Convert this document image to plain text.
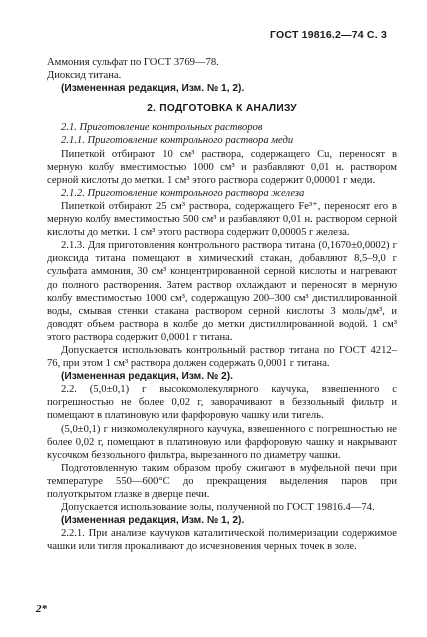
ГОСТ 19816.2—74 С. 3

Аммония сульфат по ГОСТ 3769—78.

Диоксид титана.

(Измененная редакция, Изм. № 1, 2).

2. ПОДГОТОВКА К АНАЛИЗУ

2.1. Приготовление контрольных растворов

2.1.1. Приготовление контрольного раствора меди

Пипеткой отбирают 10 см³ раствора, содержащего Cu, переносят в мерную колбу вместимостью 1000 см³ и разбавляют 0,01 н. раствором серной кислоты до метки. 1 см³ этого раствора содержит 0,00001 г меди.

2.1.2. Приготовление контрольного раствора железа

Пипеткой отбирают 25 см³ раствора, содержащего Fe³⁺, переносят его в мерную колбу вместимостью 500 см³ и разбавляют 0,01 н. раствором серной кислоты до метки. 1 см³ этого раствора содержит 0,00005 г железа.

2.1.3. Для приготовления контрольного раствора титана (0,1670±0,0002) г диоксида титана помещают в химический стакан, добавляют 8,5–9,0 г сульфата аммония, 30 см³ концентрированной серной кислоты и нагревают до полного растворения. Затем раствор охлаждают и переносят в мерную колбу вместимостью 1000 см³, содержащую 200–300 см³ дистиллированной воды, смывая стенки стакана раствором серной кислоты 3 моль/дм³, и доводят объем раствора в колбе до метки дистиллированной водой. 1 см³ этого раствора содержит 0,0001 г титана.

Допускается использовать контрольный раствор титана по ГОСТ 4212–76, при этом 1 см³ раствора должен содержать 0,0001 г титана.

(Измененная редакция, Изм. № 2).

2.2. (5,0±0,1) г высокомолекулярного каучука, взвешенного с погрешностью не более 0,02 г, заворачивают в беззольный фильтр и помещают в платиновую или фарфоровую чашку или тигель.

(5,0±0,1) г низкомолекулярного каучука, взвешенного с погрешностью не более 0,02 г, помещают в платиновую или фарфоровую чашку и накрывают кусочком беззольного фильтра, вырезанного по диаметру чашки.

Подготовленную таким образом пробу сжигают в муфельной печи при температуре 550—600°С до прекращения выделения паров при полуоткрытом глазке в дверце печи.

Допускается использование золы, полученной по ГОСТ 19816.4—74.

(Измененная редакция, Изм. № 1, 2).

2.2.1. При анализе каучуков каталитической полимеризации содержимое чашки или тигля прокаливают до исчезновения черных точек в золе.

2*
